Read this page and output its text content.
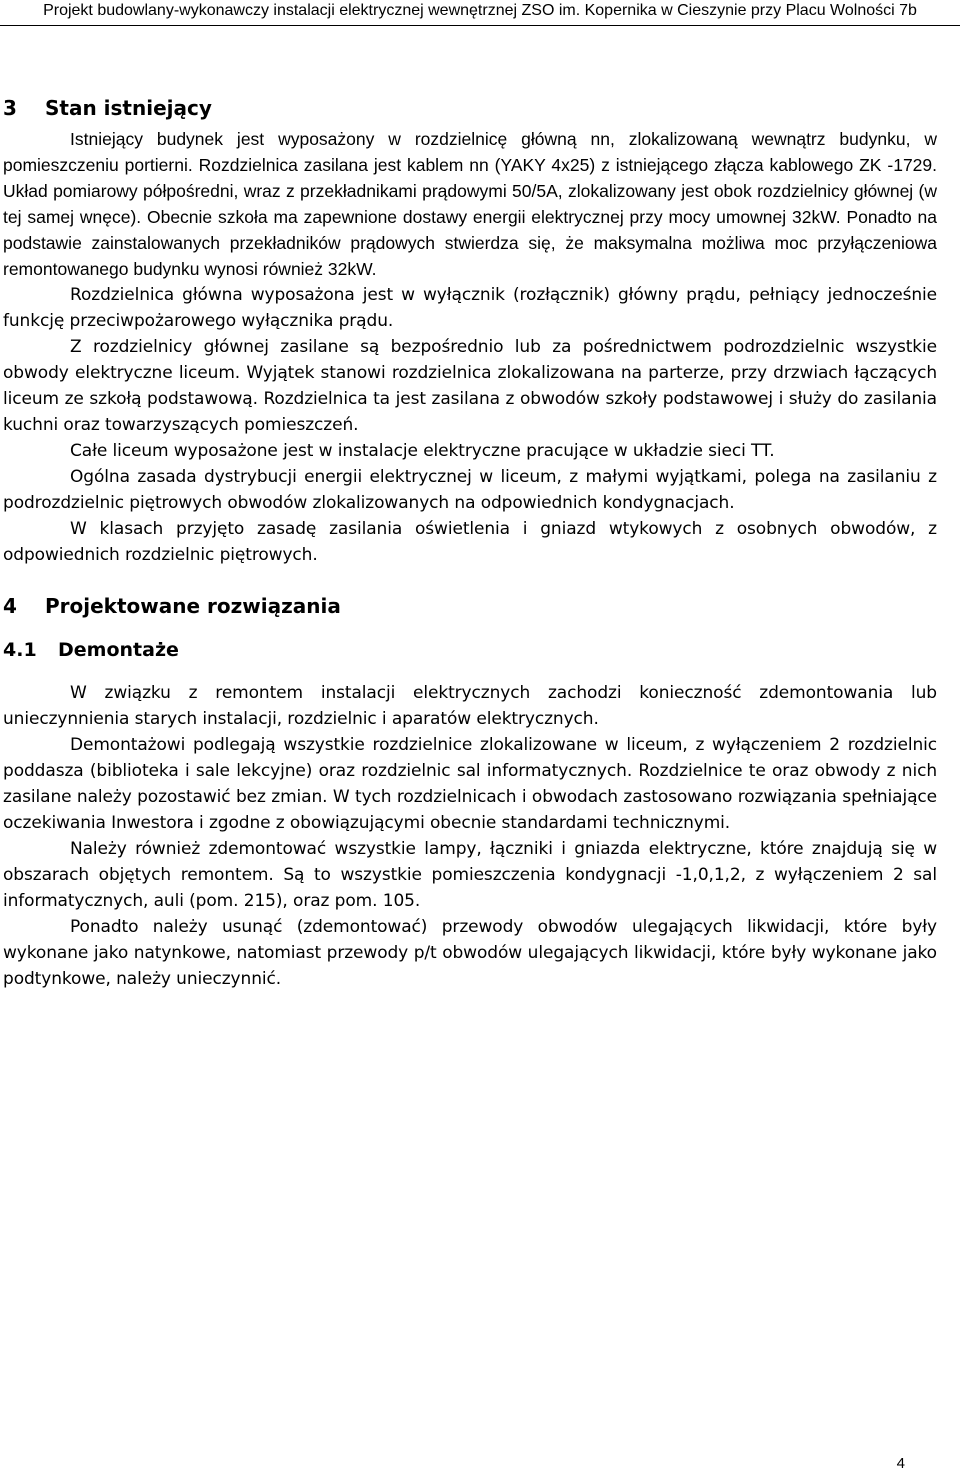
Projekt budowlany-wykonawczy instalacji elektrycznej wewnętrznej ZSO im. Kopernika w Cieszynie przy Placu Wolności 7b
3 Stan istniejący

Istniejący budynek jest wyposażony w rozdzielnicę główną nn, zlokalizowaną wewnątrz budynku, w pomieszczeniu portierni. Rozdzielnica zasilana jest kablem nn (YAKY 4x25) z istniejącego złącza kablowego ZK -1729. Układ pomiarowy półpośredni, wraz z przekładnikami prądowymi 50/5A, zlokalizowany jest obok rozdzielnicy głównej (w tej samej wnęce). Obecnie szkoła ma zapewnione dostawy energii elektrycznej przy mocy umownej 32kW. Ponadto na podstawie zainstalowanych przekładników prądowych stwierdza się, że maksymalna możliwa moc przyłączeniowa remontowanego budynku wynosi również 32kW.

Rozdzielnica główna wyposażona jest w wyłącznik (rozłącznik) główny prądu, pełniący jednocześnie funkcję przeciwpożarowego wyłącznika prądu.

Z rozdzielnicy głównej zasilane są bezpośrednio lub za pośrednictwem podrozdzielnic wszystkie obwody elektryczne liceum. Wyjątek stanowi rozdzielnica zlokalizowana na parterze, przy drzwiach łączących liceum ze szkołą podstawową. Rozdzielnica ta jest zasilana z obwodów szkoły podstawowej i służy do zasilania kuchni oraz towarzyszących pomieszczeń.

Całe liceum wyposażone jest w instalacje elektryczne pracujące w układzie sieci TT.

Ogólna zasada dystrybucji energii elektrycznej w liceum, z małymi wyjątkami, polega na zasilaniu z podrozdzielnic piętrowych obwodów zlokalizowanych na odpowiednich kondygnacjach.

W klasach przyjęto zasadę zasilania oświetlenia i gniazd wtykowych z osobnych obwodów, z odpowiednich rozdzielnic piętrowych.

4 Projektowane rozwiązania
4.1 Demontaże

W związku z remontem instalacji elektrycznych zachodzi konieczność zdemontowania lub unieczynnienia starych instalacji, rozdzielnic i aparatów elektrycznych.

Demontażowi podlegają wszystkie rozdzielnice zlokalizowane w liceum, z wyłączeniem 2 rozdzielnic poddasza (biblioteka i sale lekcyjne) oraz rozdzielnic sal informatycznych. Rozdzielnice te oraz obwody z nich zasilane należy pozostawić bez zmian. W tych rozdzielnicach i obwodach zastosowano rozwiązania spełniające oczekiwania Inwestora i zgodne z obowiązującymi obecnie standardami technicznymi.

Należy również zdemontować wszystkie lampy, łączniki i gniazda elektryczne, które znajdują się w obszarach objętych remontem. Są to wszystkie pomieszczenia kondygnacji -1,0,1,2, z wyłączeniem 2 sal informatycznych, auli (pom. 215), oraz pom. 105.

Ponadto należy usunąć (zdemontować) przewody obwodów ulegających likwidacji, które były wykonane jako natynkowe, natomiast przewody p/t obwodów ulegających likwidacji, które były wykonane jako podtynkowe, należy unieczynnić.

4
